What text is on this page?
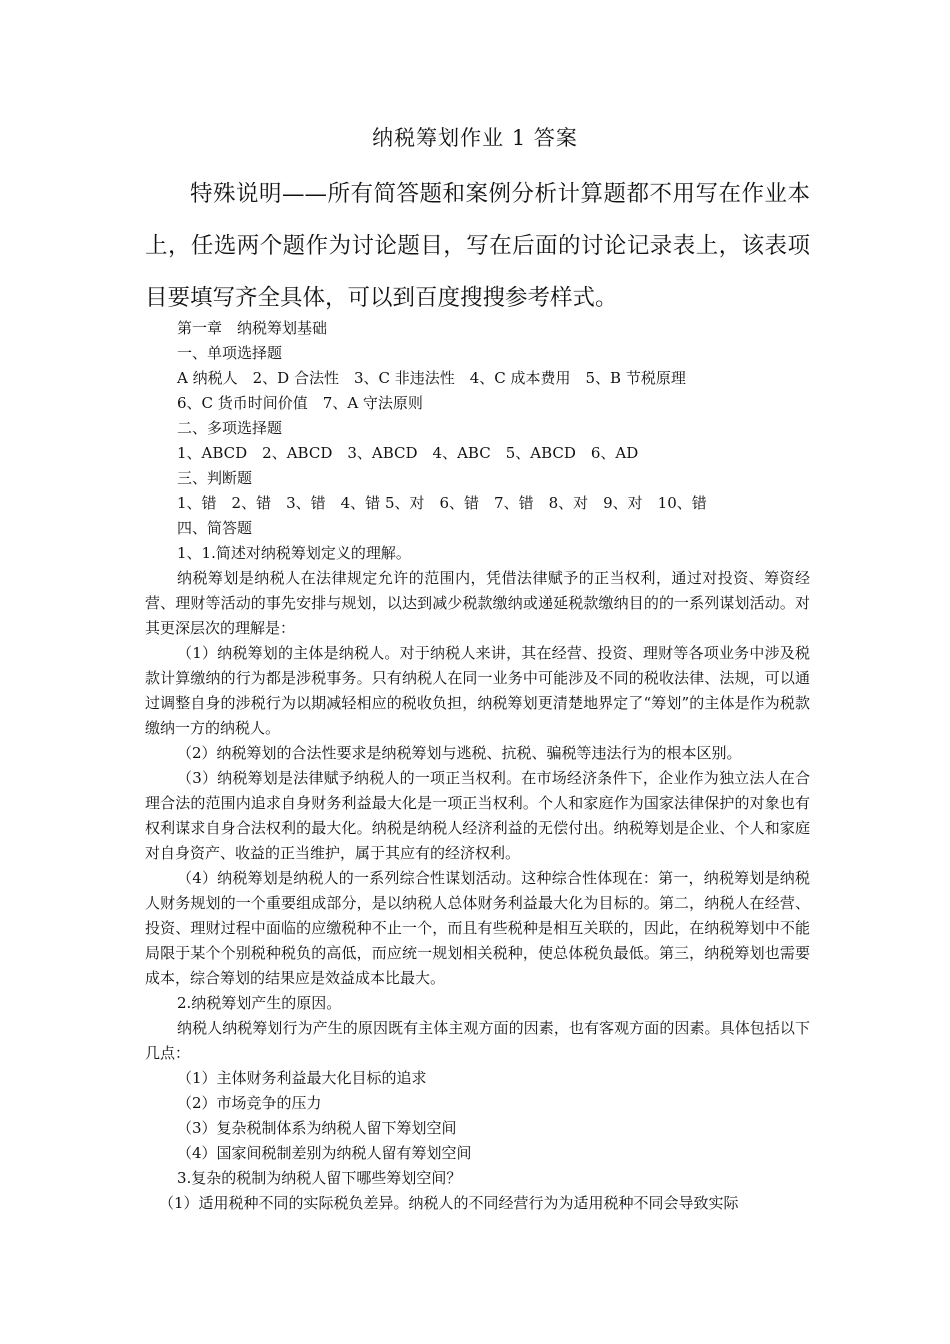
纳税筹划作业 1 答案

特殊说明——所有简答题和案例分析计算题都不用写在作业本上，任选两个题作为讨论题目，写在后面的讨论记录表上，该表项目要填写齐全具体，可以到百度搜搜参考样式。

第一章　纳税筹划基础

一、单项选择题

A 纳税人　2、D 合法性　3、C 非违法性　4、C 成本费用　5、B 节税原理

6、C 货币时间价值　7、A 守法原则

二、多项选择题

1、ABCD　2、ABCD　3、ABCD　4、ABC　5、ABCD　6、AD

三、判断题

1、错　2、错　3、错　4、错 5、对　6、错　7、错　8、对　9、对　10、错

四、简答题

1、1.简述对纳税筹划定义的理解。

纳税筹划是纳税人在法律规定允许的范围内，凭借法律赋予的正当权利，通过对投资、筹资经营、理财等活动的事先安排与规划，以达到减少税款缴纳或递延税款缴纳目的的一系列谋划活动。对其更深层次的理解是：

（1）纳税筹划的主体是纳税人。对于纳税人来讲，其在经营、投资、理财等各项业务中涉及税款计算缴纳的行为都是涉税事务。只有纳税人在同一业务中可能涉及不同的税收法律、法规，可以通过调整自身的涉税行为以期减轻相应的税收负担，纳税筹划更清楚地界定了“筹划”的主体是作为税款缴纳一方的纳税人。

（2）纳税筹划的合法性要求是纳税筹划与逃税、抗税、骗税等违法行为的根本区别。

（3）纳税筹划是法律赋予纳税人的一项正当权利。在市场经济条件下，企业作为独立法人在合理合法的范围内追求自身财务利益最大化是一项正当权利。个人和家庭作为国家法律保护的对象也有权利谋求自身合法权利的最大化。纳税是纳税人经济利益的无偿付出。纳税筹划是企业、个人和家庭对自身资产、收益的正当维护，属于其应有的经济权利。

（4）纳税筹划是纳税人的一系列综合性谋划活动。这种综合性体现在：第一，纳税筹划是纳税人财务规划的一个重要组成部分，是以纳税人总体财务利益最大化为目标的。第二，纳税人在经营、投资、理财过程中面临的应缴税种不止一个，而且有些税种是相互关联的，因此，在纳税筹划中不能局限于某个个别税种税负的高低，而应统一规划相关税种，使总体税负最低。第三，纳税筹划也需要成本，综合筹划的结果应是效益成本比最大。

2.纳税筹划产生的原因。

纳税人纳税筹划行为产生的原因既有主体主观方面的因素，也有客观方面的因素。具体包括以下几点：

（1）主体财务利益最大化目标的追求

（2）市场竞争的压力

（3）复杂税制体系为纳税人留下筹划空间

（4）国家间税制差别为纳税人留有筹划空间

3.复杂的税制为纳税人留下哪些筹划空间？

（1）适用税种不同的实际税负差异。纳税人的不同经营行为为适用税种不同会导致实际
